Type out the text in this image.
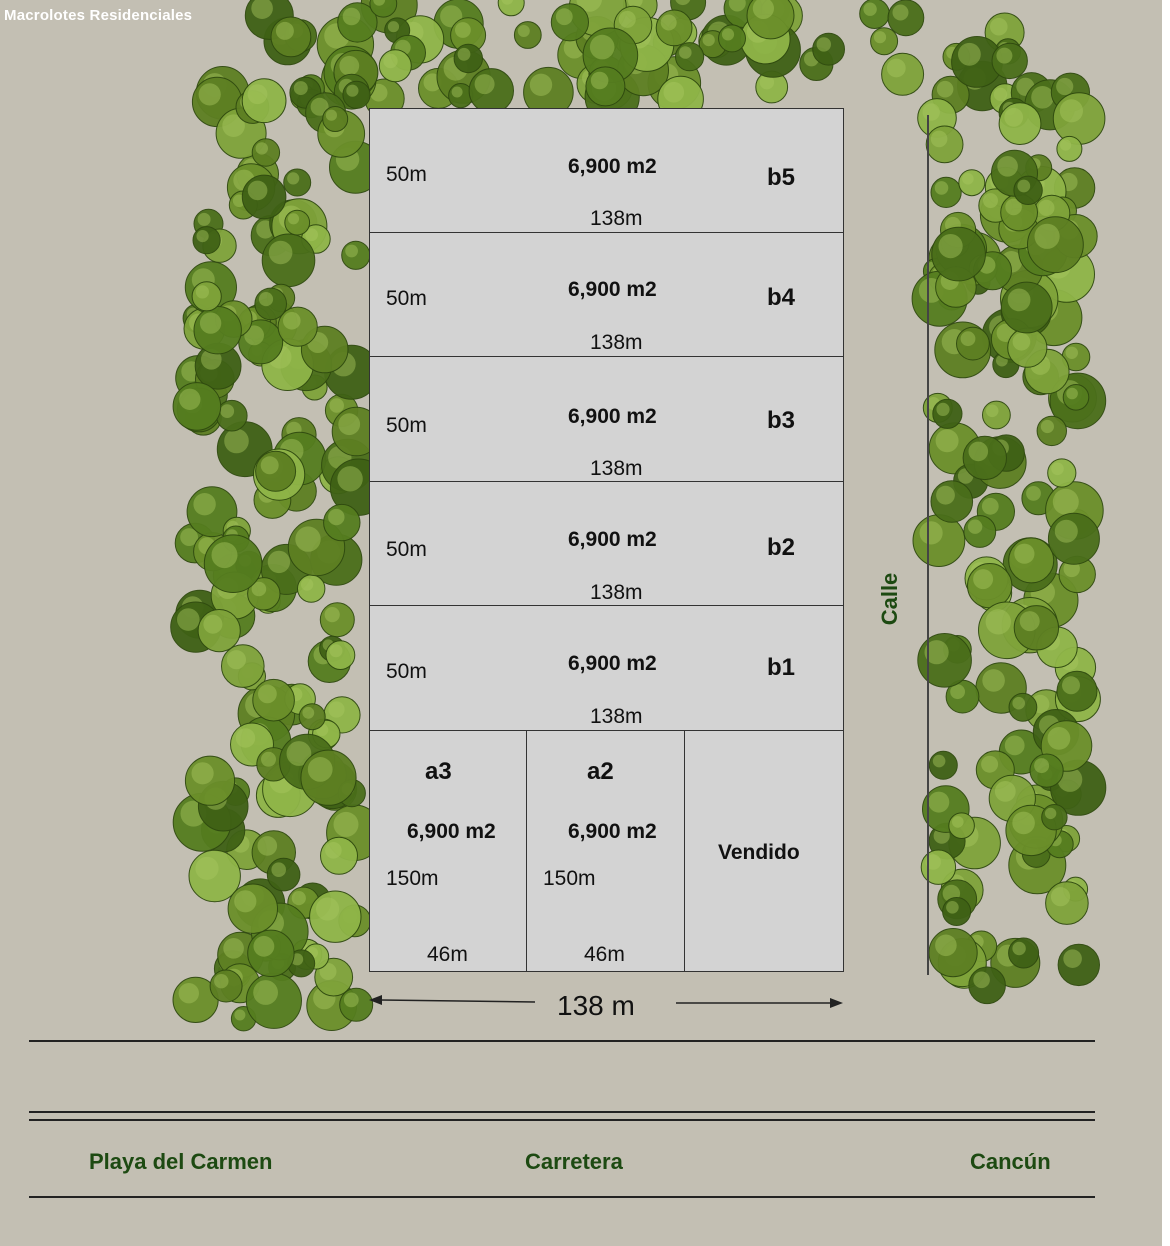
Macrolotes Residenciales
50m	6,900 m2	b5
138m
50m	6,900 m2	b4
138m
50m	6,900 m2	b3
138m
50m	6,900 m2	b2
138m
50m	6,900 m2	b1
138m
a3
6,900 m2
150m
46m
a2
6,900 m2
150m
46m
Vendido
138 m
Calle
Playa del Carmen	Carretera	Cancún
